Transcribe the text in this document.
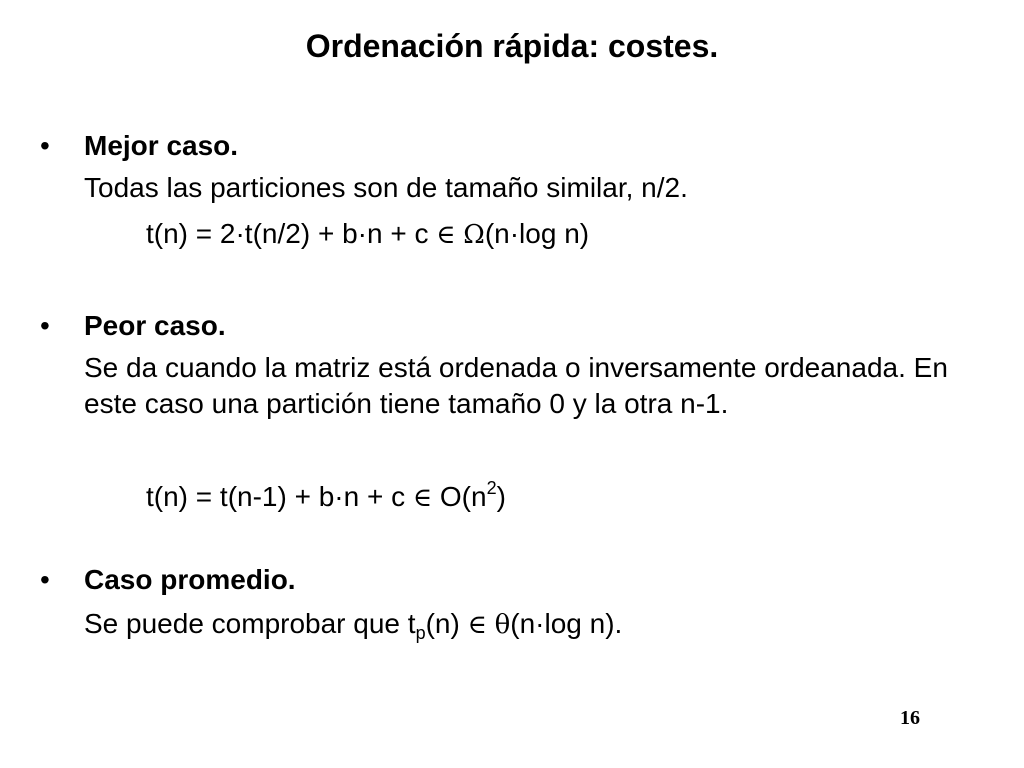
Ordenación rápida: costes.
• Mejor caso.
Todas las particiones son de tamaño similar, n/2.
t(n) = 2·t(n/2) + b·n + c ∈ Ω(n·log n)
• Peor caso.
Se da cuando la matriz está ordenada o inversamente ordeanada. En este caso una partición tiene tamaño 0 y la otra n-1.
t(n) = t(n-1) + b·n + c ∈ $O(n^2)$
• Caso promedio.
Se puede comprobar que $t_p(n)$ ∈ θ(n·log n).
16
